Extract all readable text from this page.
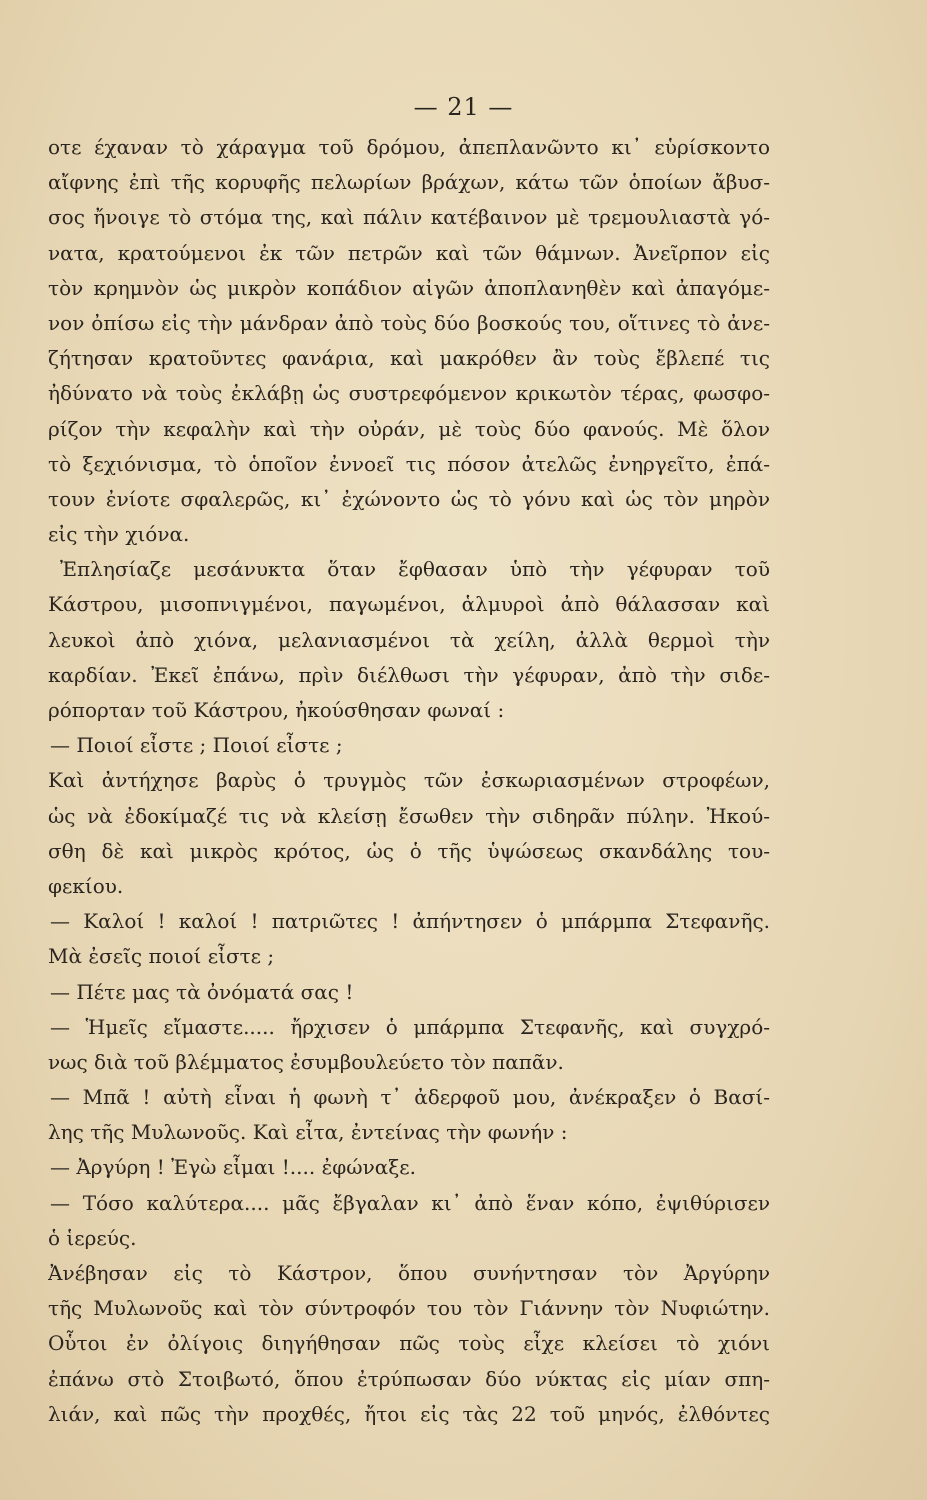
— 21 —
οτε έχαναν τὸ χάραγμα τοῦ δρόμου, ἀπεπλανῶντο κι᾿ εὑρίσκοντο
αἴφνης ἐπὶ τῆς κορυφῆς πελωρίων βράχων, κάτω τῶν ὁποίων ἄβυσ-
σος ἤνοιγε τὸ στόμα της, καὶ πάλιν κατέβαινον μὲ τρεμουλιαστὰ γό-
νατα, κρατούμενοι ἐκ τῶν πετρῶν καὶ τῶν θάμνων. Ἀνεῖρπον εἰς
τὸν κρημνὸν ὡς μικρὸν κοπάδιον αἰγῶν ἀποπλανηθὲν καὶ ἀπαγόμε-
νον ὀπίσω εἰς τὴν μάνδραν ἀπὸ τοὺς δύο βοσκούς του, οἵτινες τὸ ἀνε-
ζήτησαν κρατοῦντες φανάρια, καὶ μακρόθεν ἂν τοὺς ἔβλεπέ τις
ἠδύνατο νὰ τοὺς ἐκλάβῃ ὡς συστρεφόμενον κρικωτὸν τέρας, φωσφο-
ρίζον τὴν κεφαλὴν καὶ τὴν οὐράν, μὲ τοὺς δύο φανούς. Μὲ ὅλον
τὸ ξεχιόνισμα, τὸ ὁποῖον ἐννοεῖ τις πόσον ἀτελῶς ἐνηργεῖτο, ἐπά-
τουν ἐνίοτε σφαλερῶς, κι᾿ ἐχώνοντο ὡς τὸ γόνυ καὶ ὡς τὸν μηρὸν
εἰς τὴν χιόνα.
Ἐπλησίαζε μεσάνυκτα ὅταν ἔφθασαν ὑπὸ τὴν γέφυραν τοῦ
Κάστρου, μισοπνιγμένοι, παγωμένοι, ἁλμυροὶ ἀπὸ θάλασσαν καὶ
λευκοὶ ἀπὸ χιόνα, μελανιασμένοι τὰ χείλη, ἀλλὰ θερμοὶ τὴν
καρδίαν. Ἐκεῖ ἐπάνω, πρὶν διέλθωσι τὴν γέφυραν, ἀπὸ τὴν σιδε-
ρόπορταν τοῦ Κάστρου, ἠκούσθησαν φωναί :
— Ποιοί εἶστε ; Ποιοί εἶστε ;
Καὶ ἀντήχησε βαρὺς ὁ τρυγμὸς τῶν ἐσκωριασμένων στροφέων,
ὡς νὰ ἐδοκίμαζέ τις νὰ κλείσῃ ἔσωθεν τὴν σιδηρᾶν πύλην. Ἠκού-
σθη δὲ καὶ μικρὸς κρότος, ὡς ὁ τῆς ὑψώσεως σκανδάλης του-
φεκίου.
— Καλοί ! καλοί ! πατριῶτες ! ἀπήντησεν ὁ μπάρμπα Στεφανῆς.
Μὰ ἐσεῖς ποιοί εἶστε ;
— Πέτε μας τὰ ὀνόματά σας !
— Ἡμεῖς εἴμαστε..... ἤρχισεν ὁ μπάρμπα Στεφανῆς, καὶ συγχρό-
νως διὰ τοῦ βλέμματος ἐσυμβουλεύετο τὸν παπᾶν.
— Μπᾶ ! αὐτὴ εἶναι ἡ φωνὴ τ᾿ ἀδερφοῦ μου, ἀνέκραξεν ὁ Βασί-
λης τῆς Μυλωνοῦς. Καὶ εἶτα, ἐντείνας τὴν φωνήν :
— Ἀργύρη ! Ἐγὼ εἶμαι !.... ἐφώναξε.
— Τόσο καλύτερα.... μᾶς ἔβγαλαν κι᾿ ἀπὸ ἕναν κόπο, ἐψιθύρισεν
ὁ ἱερεύς.
Ἀνέβησαν εἰς τὸ Κάστρον, ὅπου συνήντησαν τὸν Ἀργύρην
τῆς Μυλωνοῦς καὶ τὸν σύντροφόν του τὸν Γιάννην τὸν Νυφιώτην.
Οὗτοι ἐν ὀλίγοις διηγήθησαν πῶς τοὺς εἶχε κλείσει τὸ χιόνι
ἐπάνω στὸ Στοιβωτό, ὅπου ἐτρύπωσαν δύο νύκτας εἰς μίαν σπη-
λιάν, καὶ πῶς τὴν προχθές, ἤτοι εἰς τὰς 22 τοῦ μηνός, ἐλθόντες
